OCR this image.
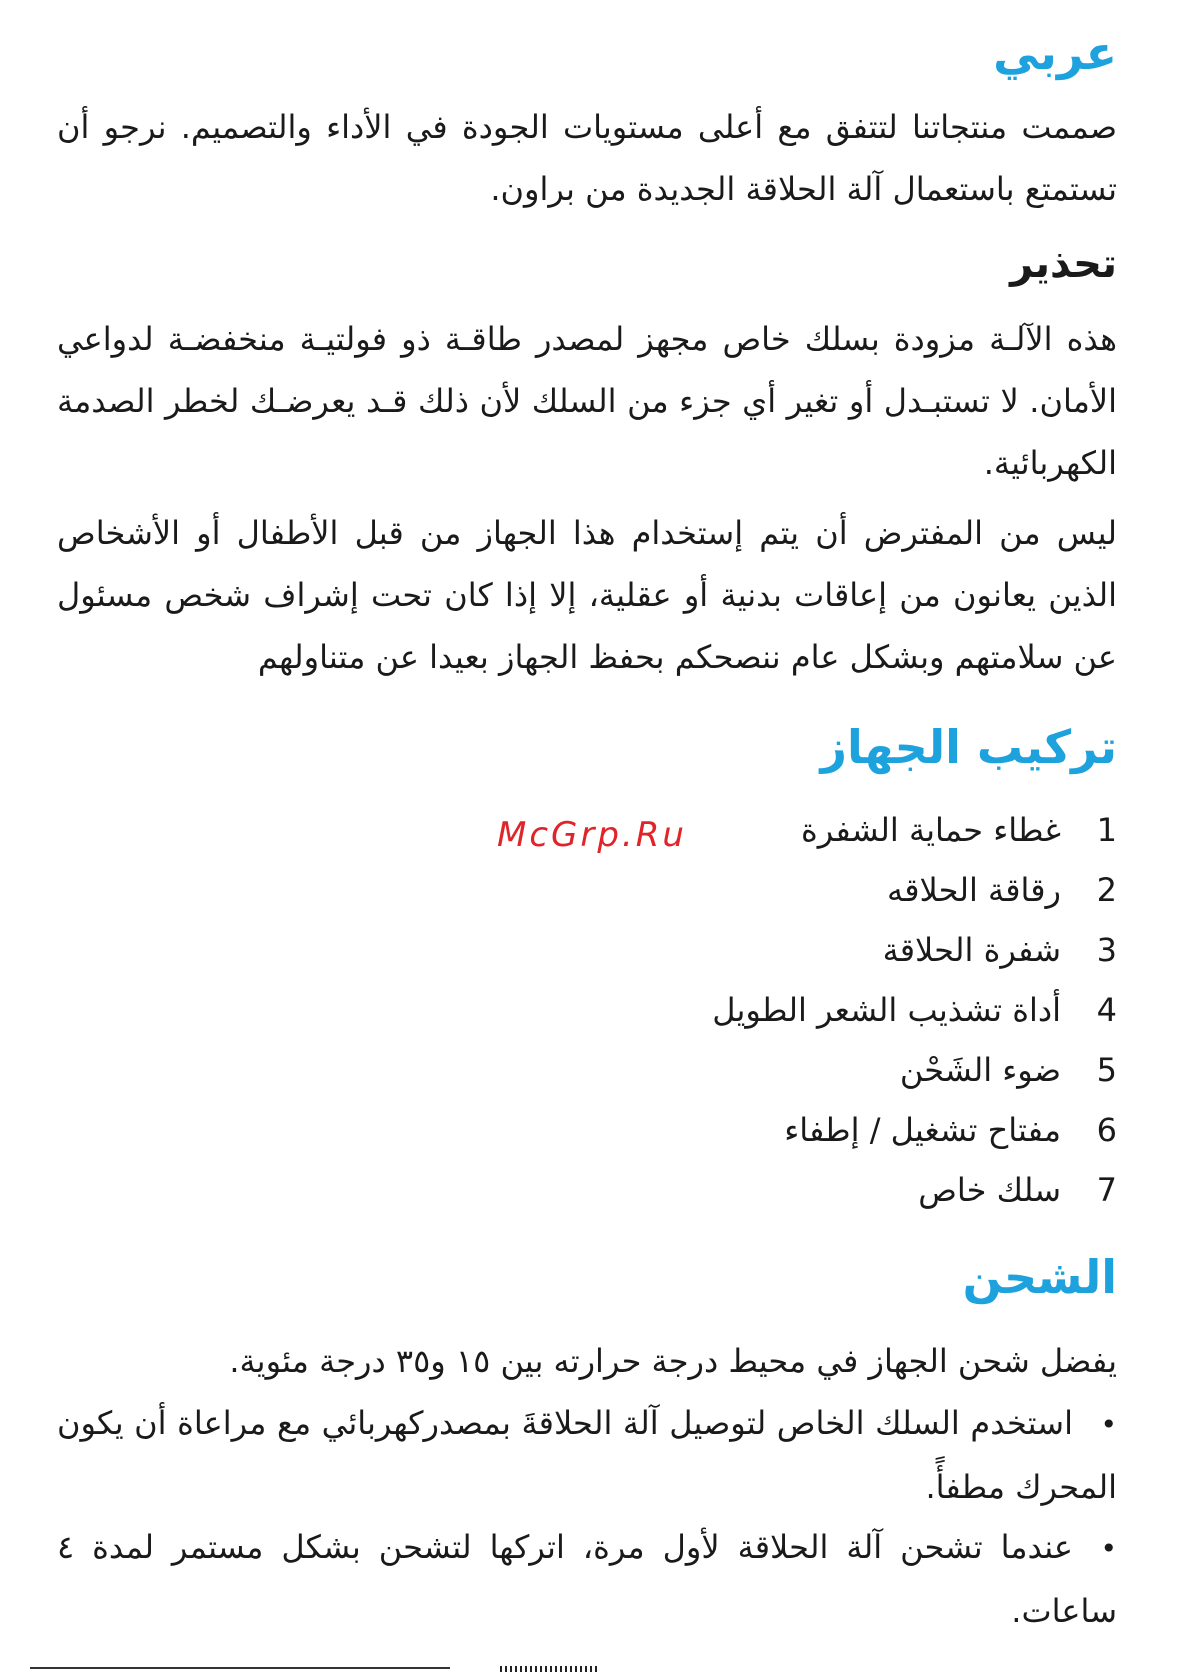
عربي

صممت منتجاتنا لتتفق مع أعلى مستويات الجودة في الأداء والتصميم. نرجو أن تستمتع باستعمال آلة الحلاقة الجديدة من براون.

تحذير

هذه الآلـة مزودة بسلك خاص مجهز لمصدر طاقـة ذو فولتيـة منخفضـة لدواعي الأمان. لا تستبـدل أو تغير أي جزء من السلك لأن ذلك قـد يعرضـك لخطر الصدمة الكهربائية.

ليس من المفترض أن يتم إستخدام هذا الجهاز من قبل الأطفال أو الأشخاص الذين يعانون من إعاقات بدنية أو عقلية، إلا إذا كان تحت إشراف شخص مسئول عن سلامتهم وبشكل عام ننصحكم بحفظ الجهاز بعيدا عن متناولهم

تركيب الجهاز
1غطاء حماية الشفرة
2رقاقة الحلاقه
3شفرة الحلاقة
4أداة تشذيب الشعر الطويل
5ضوء الشَحْن
6مفتاح تشغيل / إطفاء
7سلك خاص
الشحن

يفضل شحن الجهاز في محيط درجة حرارته بين ١٥ و٣٥ درجة مئوية.

•استخدم السلك الخاص لتوصيل آلة الحلاقةَ بمصدركهربائي مع مراعاة أن يكون المحرك مطفأً.
•عندما تشحن آلة الحلاقة لأول مرة، اتركها لتشحن بشكل مستمر لمدة ٤ ساعات.
McGrp.Ru
